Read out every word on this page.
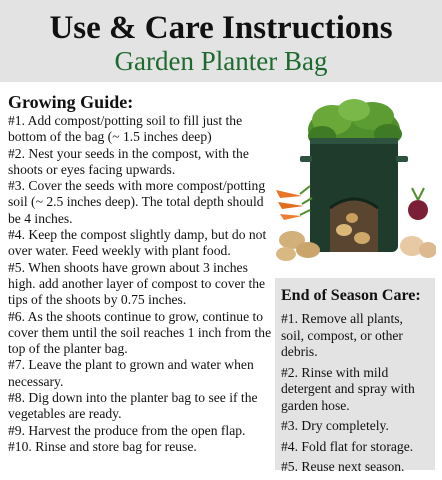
Use & Care Instructions
Garden Planter Bag
Growing Guide:
#1. Add compost/potting soil to fill just the bottom of the bag (~ 1.5 inches deep)
#2. Nest your seeds in the compost, with the shoots or eyes facing upwards.
#3. Cover the seeds with more compost/potting soil (~ 2.5 inches deep). The total depth should be 4 inches.
#4. Keep the compost slightly damp, but do not over water. Feed weekly with plant food.
#5. When shoots have grown about 3 inches high. add another layer of compost to cover the tips of the shoots by 0.75 inches.
#6. As the shoots continue to grow, continue to cover them until the soil reaches 1 inch from the top of the planter bag.
#7. Leave the plant to grown and water when necessary.
#8. Dig down into the planter bag to see if the vegetables are ready.
#9. Harvest the produce from the open flap.
#10. Rinse and store bag for reuse.
End of Season Care:
#1. Remove all plants, soil, compost, or other debris.
#2. Rinse with mild detergent and spray with garden hose.
#3. Dry completely.
#4. Fold flat for storage.
#5. Reuse next season.
